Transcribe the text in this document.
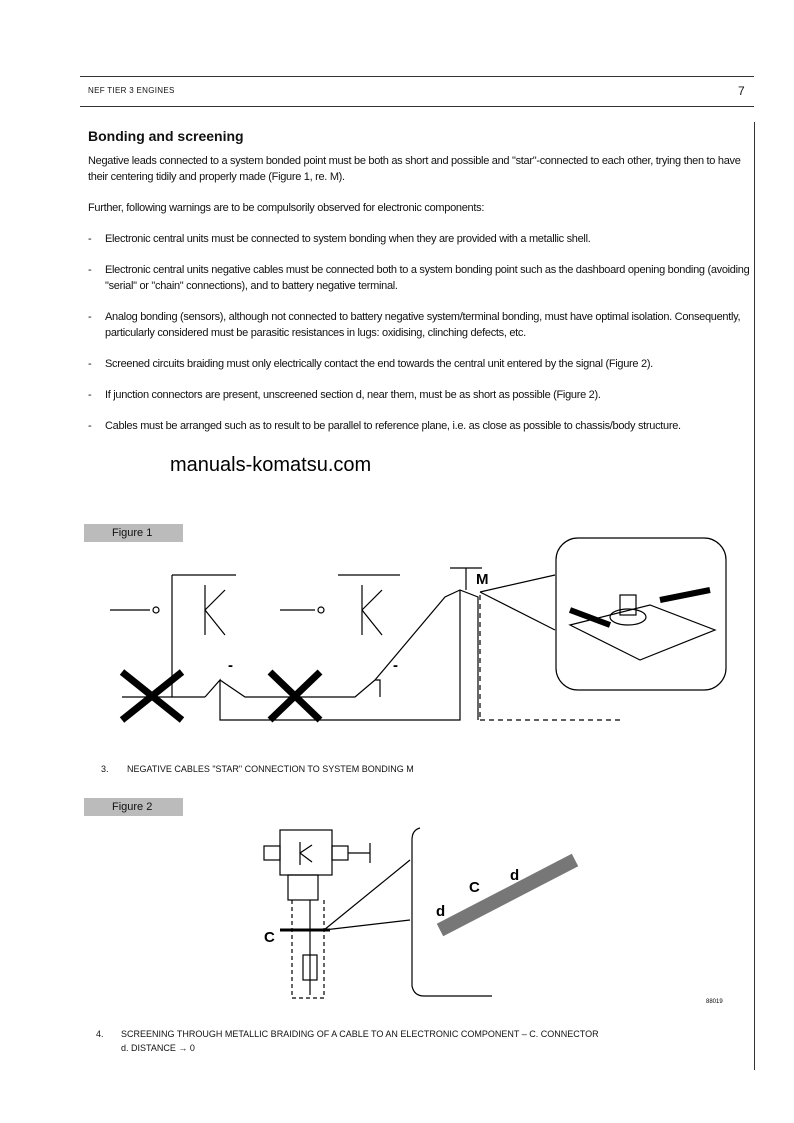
NEF TIER 3 ENGINES	7
Bonding and screening
Negative leads connected to a system bonded point must be both as short and possible and "star"-connected to each other, trying then to have their centering tidily and properly made (Figure 1, re. M).
Further, following warnings are to be compulsorily observed for electronic components:
- Electronic central units must be connected to system bonding when they are provided with a metallic shell.
- Electronic central units negative cables must be connected both to a system bonding point such as the dashboard opening bonding (avoiding "serial" or "chain" connections), and to battery negative terminal.
- Analog bonding (sensors), although not connected to battery negative system/terminal bonding, must have optimal isolation. Consequently, particularly considered must be parasitic resistances in lugs: oxidising, clinching defects, etc.
- Screened circuits braiding must only electrically contact the end towards the central unit entered by the signal (Figure 2).
- If junction connectors are present, unscreened section d, near them, must be as short as possible (Figure 2).
- Cables must be arranged such as to result to be parallel to reference plane, i.e. as close as possible to chassis/body structure.
manuals-komatsu.com
Figure 1
M
-	-
C
C
d
d
88019
3. NEGATIVE CABLES "STAR" CONNECTION TO SYSTEM BONDING M
Figure 2
4. SCREENING THROUGH METALLIC BRAIDING OF A CABLE TO AN ELECTRONIC COMPONENT – C. CONNECTOR
d. DISTANCE → 0
